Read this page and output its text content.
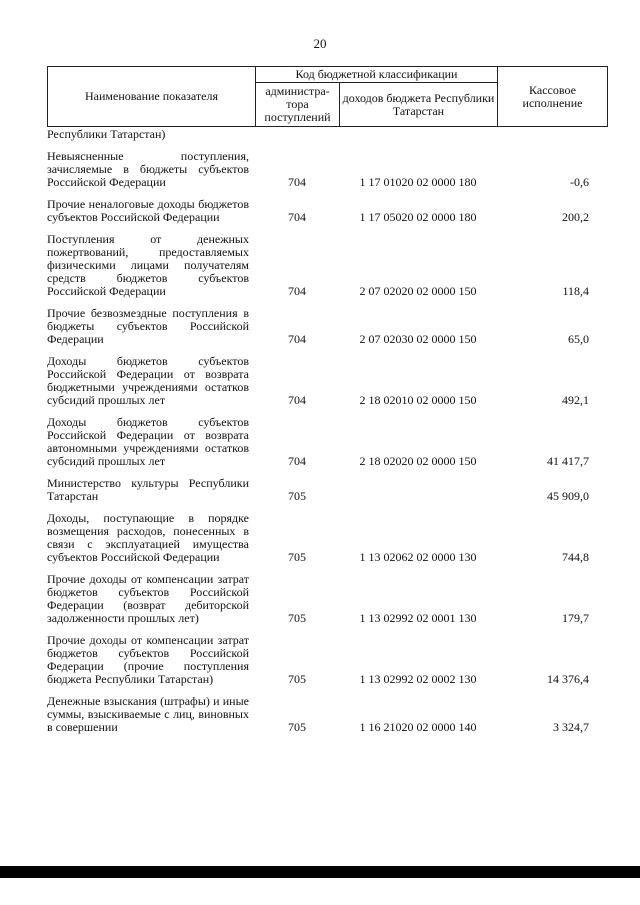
20
Наименование показателя	Код бюджетной классификации		Кассовое исполнение
	администра-тора поступлений	доходов бюджета Республики Татарстан	
Республики Татарстан)			
Невыясненные поступления, зачисляемые в бюджеты субъектов Российской Федерации	704	1 17 01020 02 0000 180	-0,6
Прочие неналоговые доходы бюджетов субъектов Российской Федерации	704	1 17 05020 02 0000 180	200,2
Поступления от денежных пожертвований, предоставляемых физическими лицами получателям средств бюджетов субъектов Российской Федерации	704	2 07 02020 02 0000 150	118,4
Прочие безвозмездные поступления в бюджеты субъектов Российской Федерации	704	2 07 02030 02 0000 150	65,0
Доходы бюджетов субъектов Российской Федерации от возврата бюджетными учреждениями остатков субсидий прошлых лет	704	2 18 02010 02 0000 150	492,1
Доходы бюджетов субъектов Российской Федерации от возврата автономными учреждениями остатков субсидий прошлых лет	704	2 18 02020 02 0000 150	41 417,7
Министерство культуры Республики Татарстан	705		45 909,0
Доходы, поступающие в порядке возмещения расходов, понесенных в связи с эксплуатацией имущества субъектов Российской Федерации	705	1 13 02062 02 0000 130	744,8
Прочие доходы от компенсации затрат бюджетов субъектов Российской Федерации (возврат дебиторской задолженности прошлых лет)	705	1 13 02992 02 0001 130	179,7
Прочие доходы от компенсации затрат бюджетов субъектов Российской Федерации (прочие поступления бюджета Республики Татарстан)	705	1 13 02992 02 0002 130	14 376,4
Денежные взыскания (штрафы) и иные суммы, взыскиваемые с лиц, виновных в совершении	705	1 16 21020 02 0000 140	3 324,7
